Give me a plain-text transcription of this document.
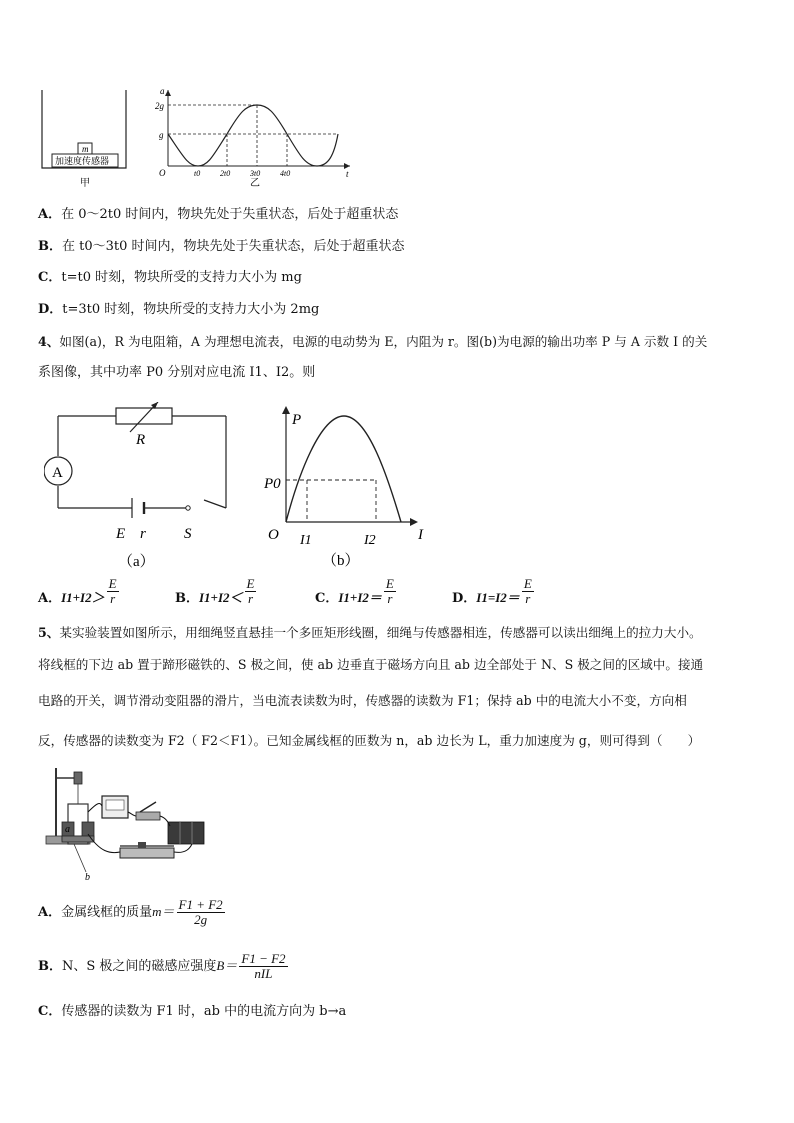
m
加速度传感器
甲
a
t
O
2g
g
t0 2t0 3t0 4t0
乙
A．在 0～2t0 时间内，物块先处于失重状态，后处于超重状态
B．在 t0～3t0 时间内，物块先处于失重状态，后处于超重状态
C．t=t0 时刻，物块所受的支持力大小为 mg
D．t=3t0 时刻，物块所受的支持力大小为 2mg
4、如图(a)，R 为电阻箱，A 为理想电流表，电源的电动势为 E，内阻为 r。图(b)为电源的输出功率 P 与 A 示数 I 的关
系图像，其中功率 P0 分别对应电流 I1、I2。则
R
A
E r	S
（a）
P
P0
O I1	I2	I
（b）
A．$I1+I2> \frac{E}{r}$	B．$I1+I2< \frac{E}{r}$	C．$I1+I2= \frac{E}{r}$	D．$I1=I2= \frac{E}{r}$
5、某实验装置如图所示，用细绳竖直悬挂一个多匝矩形线圈，细绳与传感器相连，传感器可以读出细绳上的拉力大小。
将线框的下边 ab 置于蹄形磁铁的、S 极之间，使 ab 边垂直于磁场方向且 ab 边全部处于 N、S 极之间的区域中。接通
电路的开关，调节滑动变阻器的滑片，当电流表读数为时，传感器的读数为 F1；保持 ab 中的电流大小不变，方向相
反，传感器的读数变为 F2（ F2＜F1）。已知金属线框的匝数为 n，ab 边长为 L，重力加速度为 g，则可得到（　　）
a
b
A．金属线框的质量$m= \frac{F1 + F2}{2g}$
B．N、S 极之间的磁感应强度$B= \frac{F1 - F2}{\text{nIL}}$
C．传感器的读数为 F1 时，ab 中的电流方向为 b→a
